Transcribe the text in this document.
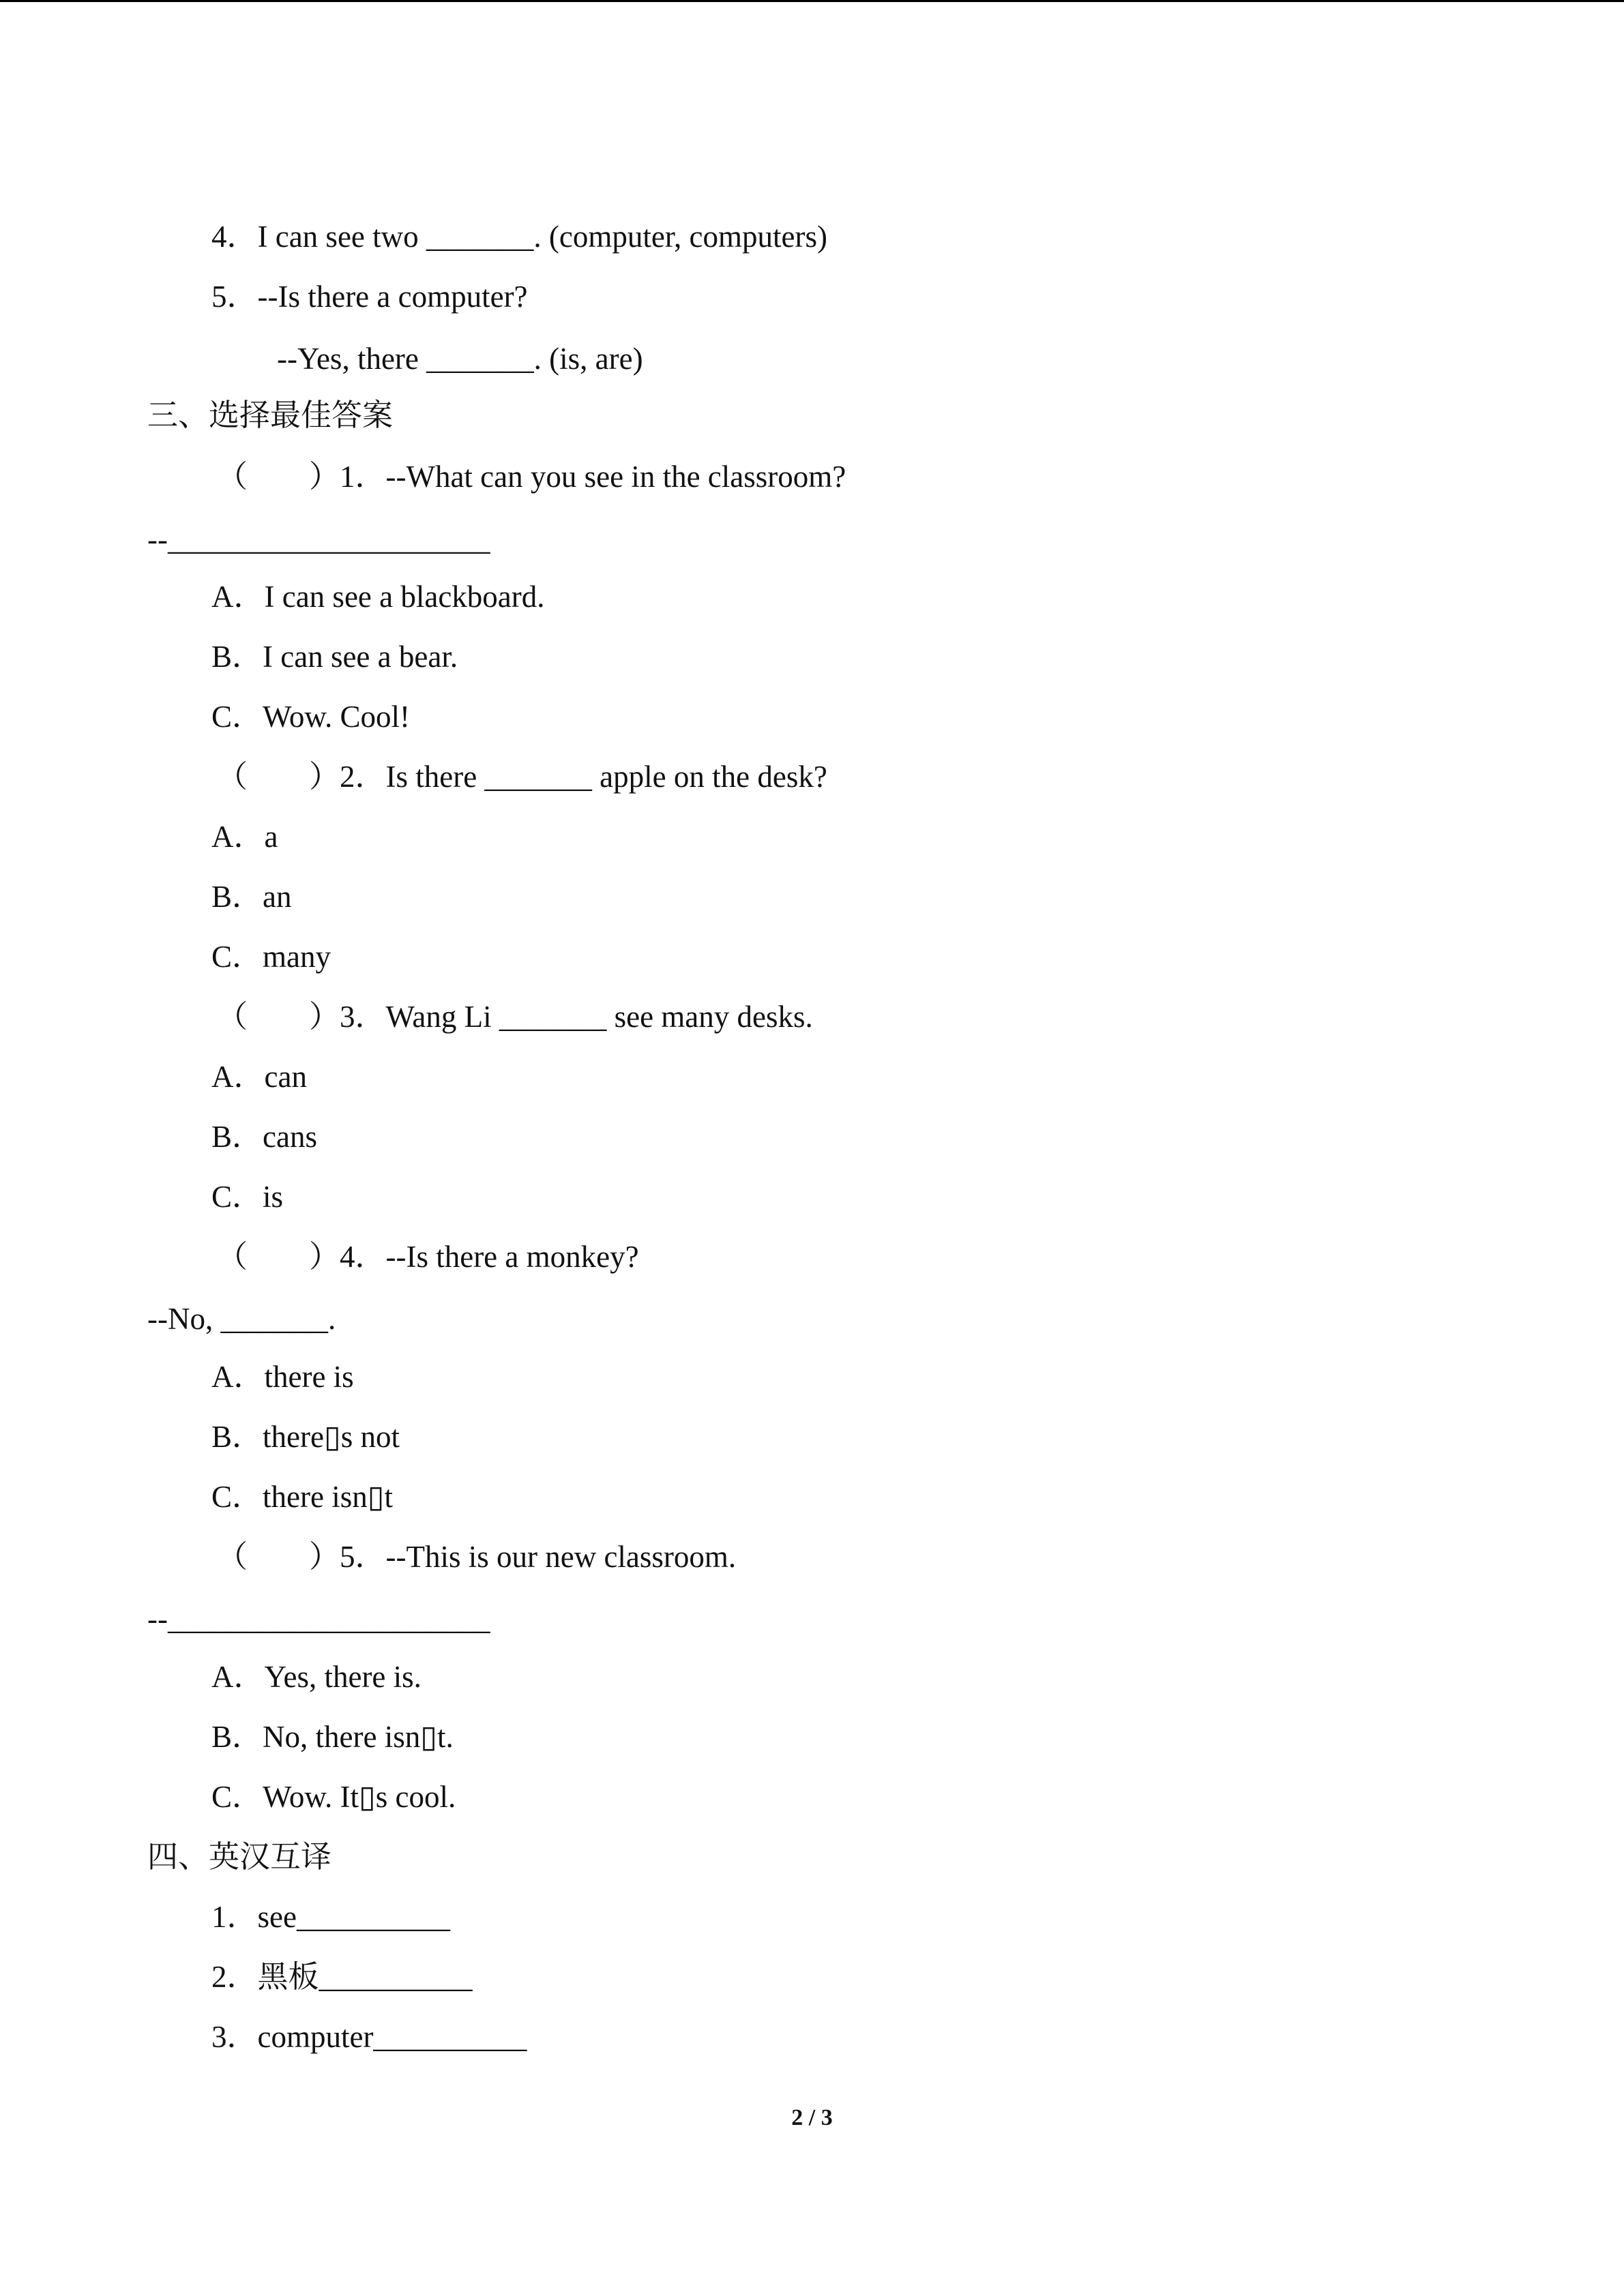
4．I can see two _______. (computer, computers)
5．--Is there a computer?
--Yes, there _______. (is, are)
三、选择最佳答案
（　　）1．--What can you see in the classroom?
--_____________________
A．I can see a blackboard.
B．I can see a bear.
C．Wow. Cool!
（　　）2．Is there _______ apple on the desk?
A．a
B．an
C．many
（　　）3．Wang Li _______ see many desks.
A．can
B．cans
C．is
（　　）4．--Is there a monkey?
--No, _______.
A．there is
B．there▯s not
C．there isn▯t
（　　）5．--This is our new classroom.
--_____________________
A．Yes, there is.
B．No, there isn▯t.
C．Wow. It▯s cool.
四、英汉互译
1．see__________
2．黑板__________
3．computer__________
2 / 3
